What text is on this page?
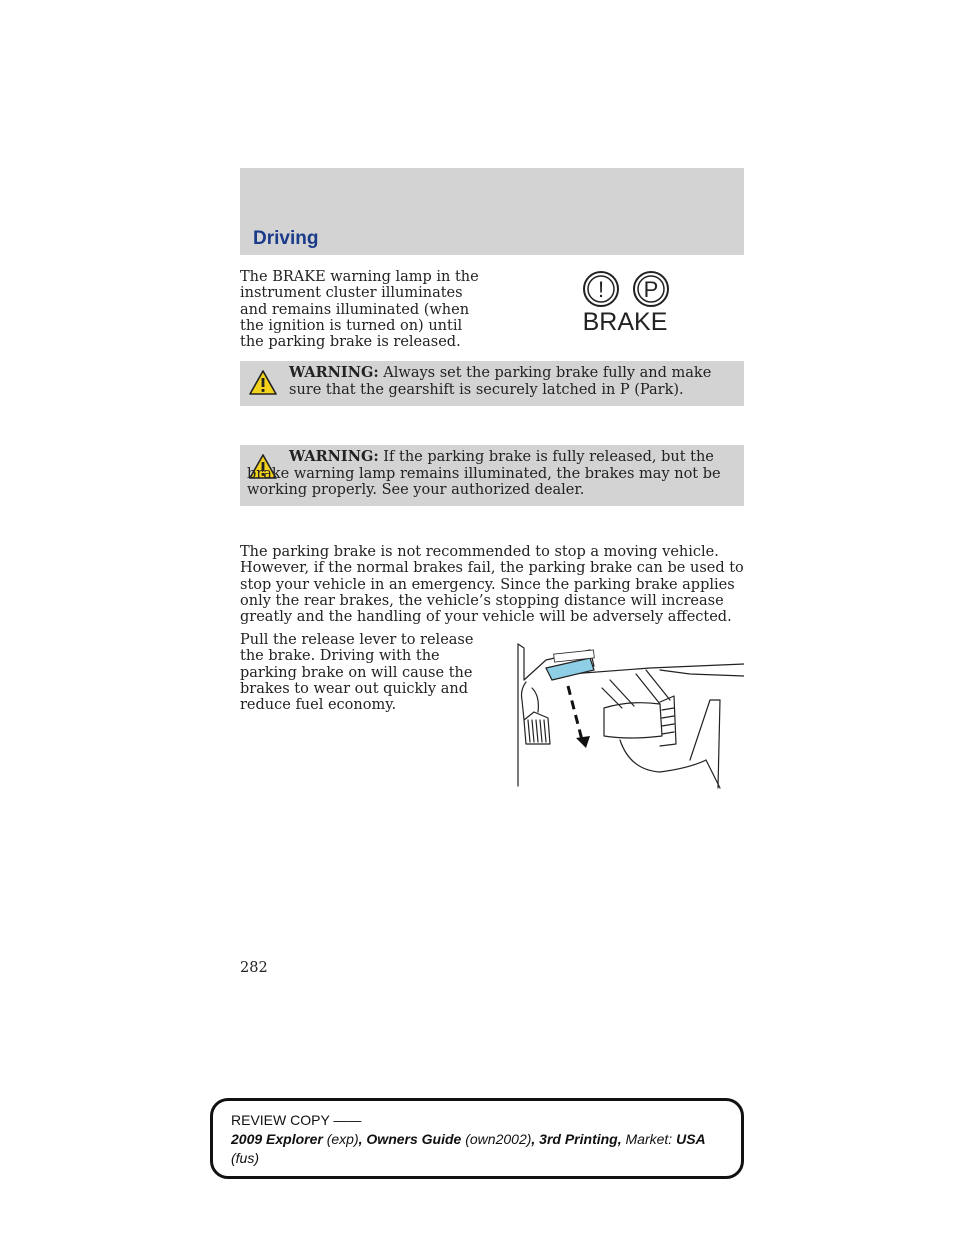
Driving
The BRAKE warning lamp in the instrument cluster illuminates and remains illuminated (when the ignition is turned on) until the parking brake is released.
! P
BRAKE
WARNING: Always set the parking brake fully and make sure that the gearshift is securely latched in P (Park).
WARNING: If the parking brake is fully released, but the brake warning lamp remains illuminated, the brakes may not be working properly. See your authorized dealer.
The parking brake is not recommended to stop a moving vehicle. However, if the normal brakes fail, the parking brake can be used to stop your vehicle in an emergency. Since the parking brake applies only the rear brakes, the vehicle’s stopping distance will increase greatly and the handling of your vehicle will be adversely affected.
Pull the release lever to release the brake. Driving with the parking brake on will cause the brakes to wear out quickly and reduce fuel economy.
282
REVIEW COPY ——
2009 Explorer (exp), Owners Guide (own2002), 3rd Printing, Market: USA
(fus)
